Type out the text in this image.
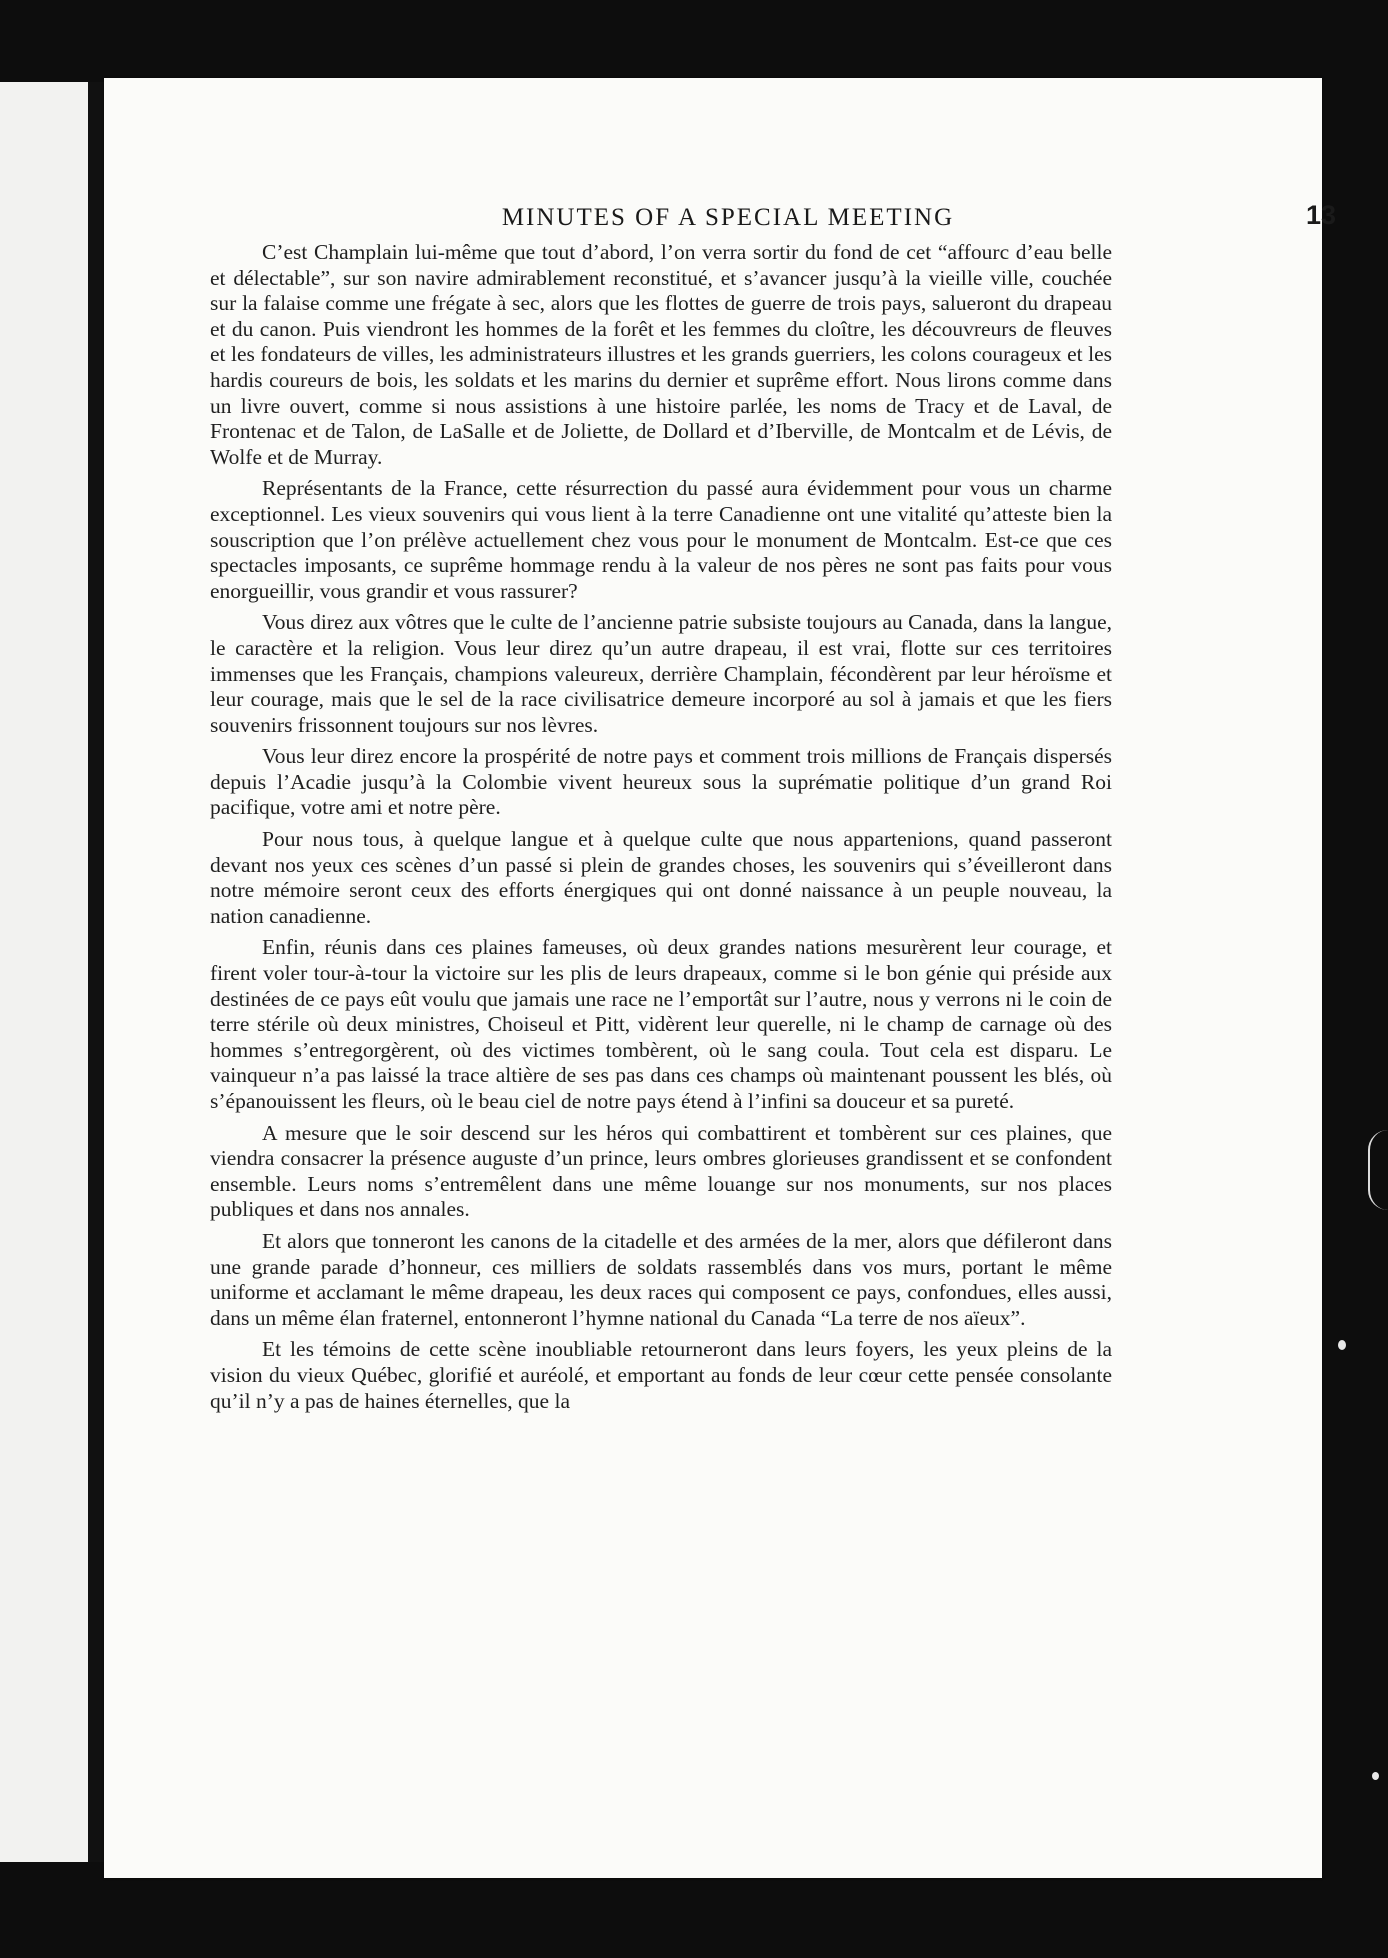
MINUTES OF A SPECIAL MEETING	13

C’est Champlain lui-même que tout d’abord, l’on verra sortir du fond de cet “affourc d’eau belle et délectable”, sur son navire admirablement reconstitué, et s’avancer jusqu’à la vieille ville, couchée sur la falaise comme une frégate à sec, alors que les flottes de guerre de trois pays, salueront du drapeau et du canon. Puis viendront les hommes de la forêt et les femmes du cloître, les découvreurs de fleuves et les fondateurs de villes, les administrateurs illustres et les grands guerriers, les colons courageux et les hardis coureurs de bois, les soldats et les marins du dernier et suprême effort. Nous lirons comme dans un livre ouvert, comme si nous assistions à une histoire parlée, les noms de Tracy et de Laval, de Frontenac et de Talon, de LaSalle et de Joliette, de Dollard et d’Iberville, de Montcalm et de Lévis, de Wolfe et de Murray.

Représentants de la France, cette résurrection du passé aura évidemment pour vous un charme exceptionnel. Les vieux souvenirs qui vous lient à la terre Canadienne ont une vitalité qu’atteste bien la souscription que l’on prélève actuellement chez vous pour le monument de Montcalm. Est-ce que ces spectacles imposants, ce suprême hommage rendu à la valeur de nos pères ne sont pas faits pour vous enorgueillir, vous grandir et vous rassurer?

Vous direz aux vôtres que le culte de l’ancienne patrie subsiste toujours au Canada, dans la langue, le caractère et la religion. Vous leur direz qu’un autre drapeau, il est vrai, flotte sur ces territoires immenses que les Français, champions valeureux, derrière Champlain, fécondèrent par leur héroïsme et leur courage, mais que le sel de la race civilisatrice demeure incorporé au sol à jamais et que les fiers souvenirs frissonnent toujours sur nos lèvres.

Vous leur direz encore la prospérité de notre pays et comment trois millions de Français dispersés depuis l’Acadie jusqu’à la Colombie vivent heureux sous la suprématie politique d’un grand Roi pacifique, votre ami et notre père.

Pour nous tous, à quelque langue et à quelque culte que nous appartenions, quand passeront devant nos yeux ces scènes d’un passé si plein de grandes choses, les souvenirs qui s’éveilleront dans notre mémoire seront ceux des efforts énergiques qui ont donné naissance à un peuple nouveau, la nation canadienne.

Enfin, réunis dans ces plaines fameuses, où deux grandes nations mesurèrent leur courage, et firent voler tour-à-tour la victoire sur les plis de leurs drapeaux, comme si le bon génie qui préside aux destinées de ce pays eût voulu que jamais une race ne l’emportât sur l’autre, nous y verrons ni le coin de terre stérile où deux ministres, Choiseul et Pitt, vidèrent leur querelle, ni le champ de carnage où des hommes s’entregorgèrent, où des victimes tombèrent, où le sang coula. Tout cela est disparu. Le vainqueur n’a pas laissé la trace altière de ses pas dans ces champs où maintenant poussent les blés, où s’épanouissent les fleurs, où le beau ciel de notre pays étend à l’infini sa douceur et sa pureté.

A mesure que le soir descend sur les héros qui combattirent et tombèrent sur ces plaines, que viendra consacrer la présence auguste d’un prince, leurs ombres glorieuses grandissent et se confondent ensemble. Leurs noms s’entremêlent dans une même louange sur nos monuments, sur nos places publiques et dans nos annales.

Et alors que tonneront les canons de la citadelle et des armées de la mer, alors que défileront dans une grande parade d’honneur, ces milliers de soldats rassemblés dans vos murs, portant le même uniforme et acclamant le même drapeau, les deux races qui composent ce pays, confondues, elles aussi, dans un même élan fraternel, entonneront l’hymne national du Canada “La terre de nos aïeux”.

Et les témoins de cette scène inoubliable retourneront dans leurs foyers, les yeux pleins de la vision du vieux Québec, glorifié et auréolé, et emportant au fonds de leur cœur cette pensée consolante qu’il n’y a pas de haines éternelles, que la
